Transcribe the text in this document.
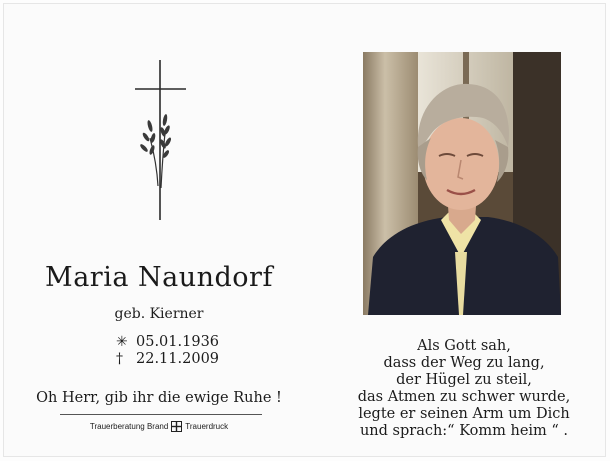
Maria Naundorf
geb. Kierner
✳ 05.01.1936
† 22.11.2009
Oh Herr, gib ihr die ewige Ruhe !
Trauerberatung Brand Trauerdruck
Als Gott sah,
dass der Weg zu lang,
der Hügel zu steil,
das Atmen zu schwer wurde,
legte er seinen Arm um Dich
und sprach:“ Komm heim “ .
